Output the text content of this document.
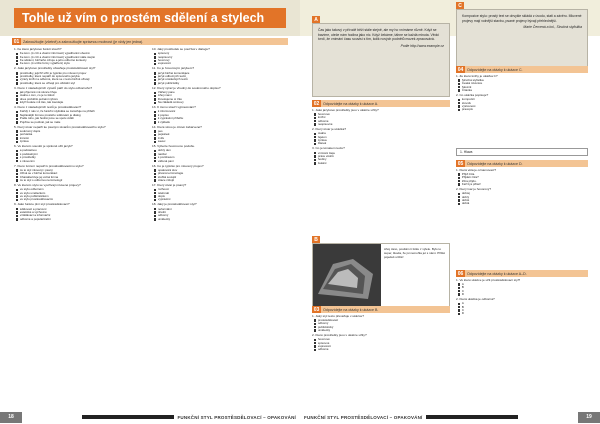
Tohle už vím o prostém sdělení a stylech
01	Zakroužkujte (včetně) a zakroužkujte správnou možnost (je vždy jen jedna).
1. Ke které jazykové funkci slouží?
Ke kom. (k cizí a vlastní informaci) vyjadřování obecně
Ke kom. (k cizí a vlastní informaci) vyjadřování stále stejně
Ke sdělení, běžného zdroje a jeho odborné kontexty
Ke kom. (k určité formy vyjádření) stylu
2. Jaké jazykové prostředky obsahuje prostěsdělovací styl?
prostředky, jejichž užití je typické pro mluvení projev
prostředky, které nepatří do spisovného jazyka
výrazy knižní a odborné, které se v textu běžně užívají
prostředky, které se užívají pro oficiální styl
3. Které z následujících výrazů patří do stylu odborného?
jak příjemně mě slunce hřeje
úvaha o tom, co je to štěstí
dnes proběhlo jednání výboru
když budete mít čas, tak zavolejte
4. Které z následujících textů je prostěsdělovací?
Každý z nás ví, že funkční stylistika se zaměřuje na příběh
Nejčastější formou prostého sdělování je dialog
Podle toho, jak hodně jsme se spolu viděli
Pojďme se podívat, jak se máte
5. Který útvar nepatří ke psaným útvarům prostěsdělovacího stylu?
soukromý dopis
pozvánka
inzerát
zpráva
6. Ve kterém souvětí je správně užit jazyk?
a podstatnou
s podstatnými
s prostředky
s mluvením
7. Které tvrzení nepatří k prostěsdělovacímu stylu?
Je to styl mluvený i psaný
Užívá se v běžné komunikaci
Charakterizuje jej volná forma
Je to styl s odbornou terminologií
8. Ve kterém stylu se využívají mluvené projevy?
ve stylu odborném
ve stylu uměleckém
ve stylu publicistickém
ve stylu prostěsdělovacím
9. Jaké funkce plní styl prostěsdělovací?
sdělovací a pracovní
estetické a výchovné
vzdělávací a informační
odborné a popularizační
10. Jaký prostředek se používá v dialogu?
spisovný
nespisovný
hovorový
expresivní
11. Co je hovorovým jazykem?
jazyk běžné komunikace
jazyk odborných textů
jazyk uměleckých textů
jazyk publicistiky
12. Který výraz je vhodný do soukromého dopisu?
Vážený pane
Ahoj mami
Dovolujeme si Vás
Na základě smlouvy
13. K čemu slouží vypravování?
k informování
k popisu
k vyprávění příběhu
k výkladu
14. Které slovo je citově zabarvené?
pes
pejsánek
zvíře
savec
15. Vyberte hovorovou podobu.
dobrý den
nazdar
s pozdravem
vážená paní
16. Co je typické pro mluvený projev?
opakování slov
přesná terminologie
složitá souvětí
citace zdrojů
17. Který útvar je psaný?
rozhovor
telefonát
dopis
vyprávění
18. Jaký je prostěsdělovací styl?
neformální
úřední
odborný
umělecký
18	FUNKČNÍ STYL PROSTĚSDĚLOVACÍ – OPAKOVÁNÍ
A
Čas jako takový v přírodě běží stále stejně, ale my ho vnímáme různě. Když se bavíme, uteče nám hodina jako nic. Když čekáme, táhne se každá minuta. Vědci tvrdí, že vnímání času souvisí s tím, kolik nových podnětů mozek zpracovává.
Podle http://www.example.cz
C
Kompozice stylu: prostý text se obvykle skládá z úvodu, stati a závěru. Mluvené projevy mají volnější stavbu, psané projevy bývají přehlednější.
Marie Červená a kol., Stručná stylistika
02	Odpovídejte na otázky k ukázce A.
1. Jaké jazykové prostředky jsou v ukázce užity?
hovorové
knižní
odborné
nespisovné
2. Který útvar je ukázka?
úvaha
fejeton
zpráva
článek
3. Co je tématem textu?
vnímání času
práce vědců
hodiny
čekání
B
Ahoj Jano, posílám ti fotku z výletu. Bylo to super, škoda, že jsi nemohla jet s námi. Příště pojedeš určitě!
03	Odpovídejte na otázky k ukázce B.
1. Jaký styl textu převažuje v ukázce?
prostěsdělovací
odborný
publicistický
umělecký
2. Které prostředky jsou v ukázce užity?
hovorové
spisovné
expresivní
odborné
04	Odpovídejte na otázky k ukázce C.
1. Ze které knihy je ukázka C?
Stručná stylistika
Česká mluvnice
Slovník
Čítanka
2. Co ukázka popisuje?
kompozici
slovník
výslovnost
pravopis
1. Hlava
05	Odpovídejte na otázky k ukázce D.
1. Která věta je oznamovací?
Přijď zítra.
Přijdeš zítra?
Zítra přijdu.
Kéž bys přišel!
2. Který tvar je hovorový?
dobrej
dobrý
dobré
dobrá
06	Odpovídejte na otázky k ukázce A–D.
1. Ve které ukázce je užit prostěsdělovací styl?
A
B
C
D
2. Která ukázka je odborná?
A
B
C
D
FUNKČNÍ STYL PROSTĚSDĚLOVACÍ – OPAKOVÁNÍ	19
